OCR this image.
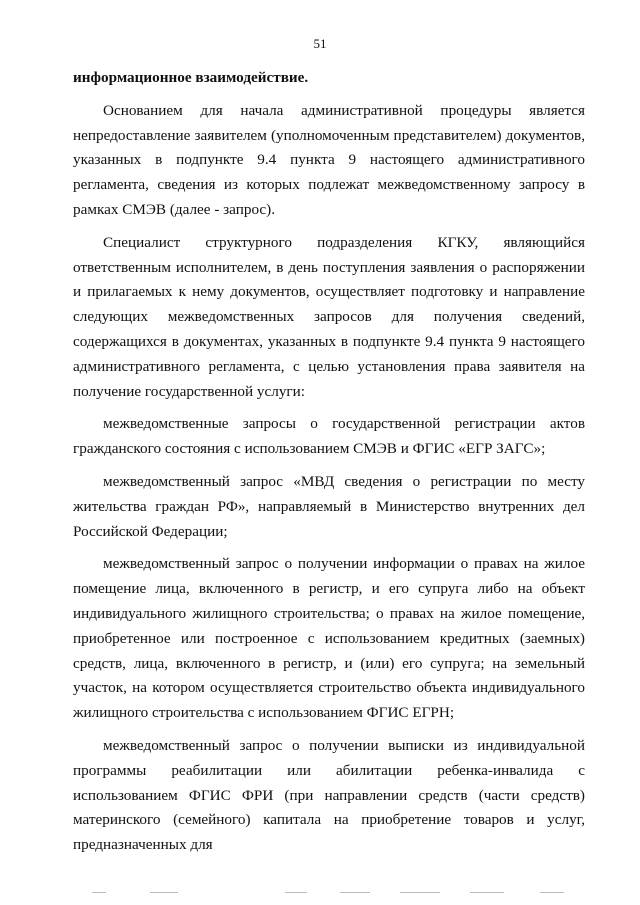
51

информационное взаимодействие.

Основанием для начала административной процедуры является непредоставление заявителем (уполномоченным представителем) документов, указанных в подпункте 9.4 пункта 9 настоящего административного регламента, сведения из которых подлежат межведомственному запросу в рамках СМЭВ (далее - запрос).

Специалист структурного подразделения КГКУ, являющийся ответственным исполнителем, в день поступления заявления о распоряжении и прилагаемых к нему документов, осуществляет подготовку и направление следующих межведомственных запросов для получения сведений, содержащихся в документах, указанных в подпункте 9.4 пункта 9 настоящего административного регламента, с целью установления права заявителя на получение государственной услуги:

межведомственные запросы о государственной регистрации актов гражданского состояния с использованием СМЭВ и ФГИС «ЕГР ЗАГС»;

межведомственный запрос «МВД сведения о регистрации по месту жительства граждан РФ», направляемый в Министерство внутренних дел Российской Федерации;

межведомственный запрос о получении информации о правах на жилое помещение лица, включенного в регистр, и его супруга либо на объект индивидуального жилищного строительства; о правах на жилое помещение, приобретенное или построенное с использованием кредитных (заемных) средств, лица, включенного в регистр, и (или) его супруга; на земельный участок, на котором осуществляется строительство объекта индивидуального жилищного строительства с использованием ФГИС ЕГРН;

межведомственный запрос о получении выписки из индивидуальной программы реабилитации или абилитации ребенка-инвалида с использованием ФГИС ФРИ (при направлении средств (части средств) материнского (семейного) капитала на приобретение товаров и услуг, предназначенных для
